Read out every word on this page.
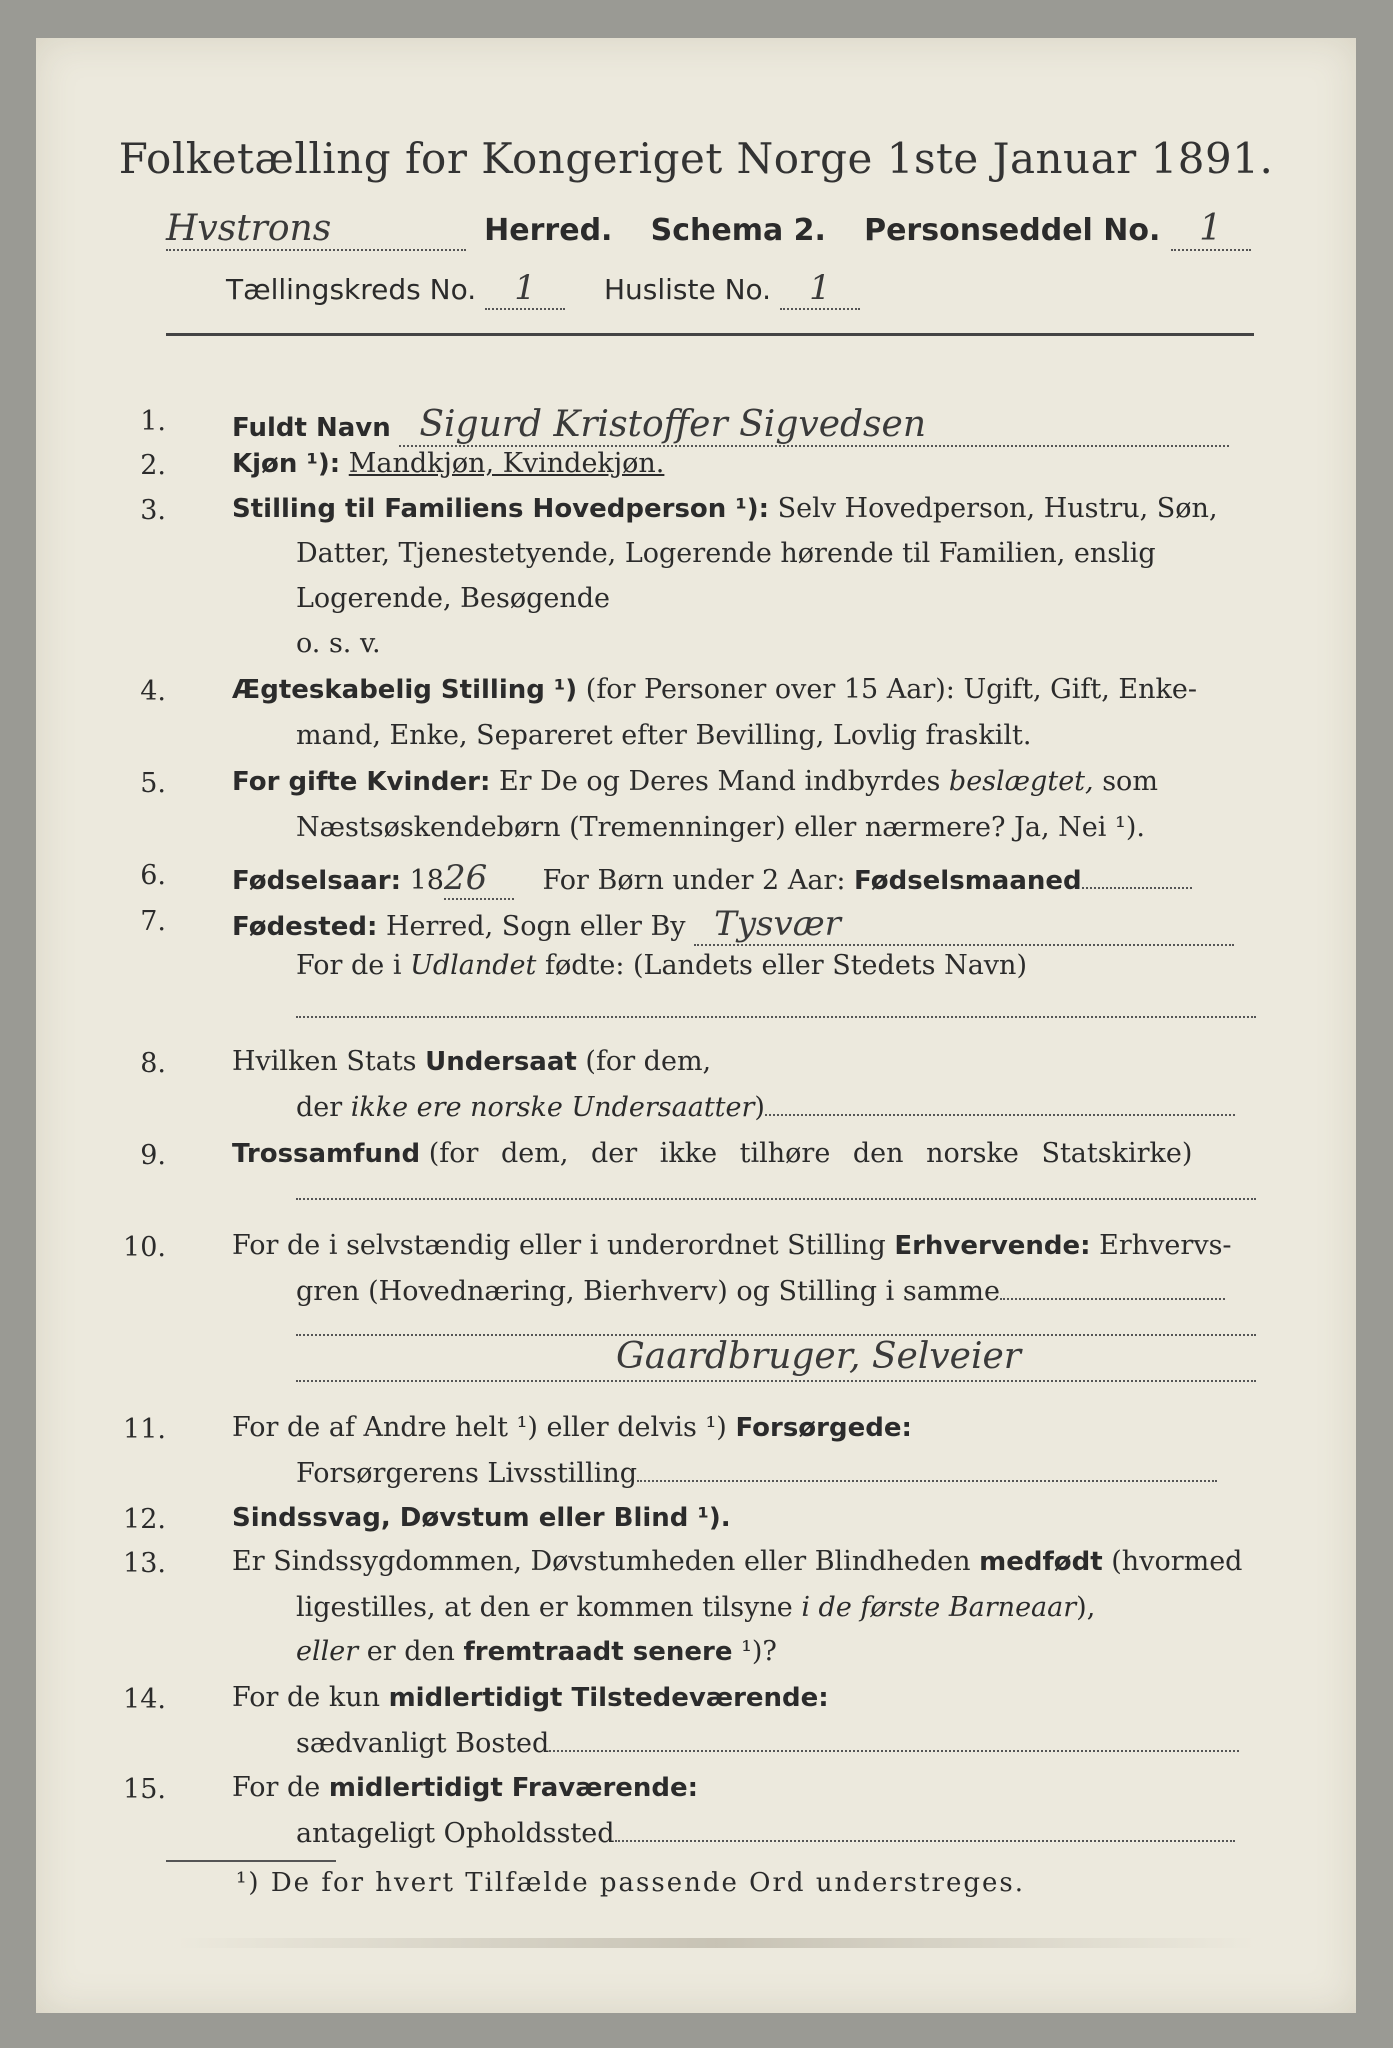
Folketælling for Kongeriget Norge 1ste Januar 1891.
Hvstrons	Herred. Schema 2. Personseddel No. 1
Tællingskreds No. 1 Husliste No. 1
1.	Fuldt Navn Sigurd Kristoffer Sigvedsen
2.	Kjøn ¹): Mandkjøn, Kvindekjøn.
3.	Stilling til Familiens Hovedperson ¹): Selv Hovedperson, Hustru, Søn,
Datter, Tjenestetyende, Logerende hørende til Familien, enslig
Logerende, Besøgende
o. s. v.
4.	Ægteskabelig Stilling ¹) (for Personer over 15 Aar): Ugift, Gift, Enke-
mand, Enke, Separeret efter Bevilling, Lovlig fraskilt.
5.	For gifte Kvinder: Er De og Deres Mand indbyrdes beslægtet, som
Næstsøskendebørn (Tremenninger) eller nærmere? Ja, Nei ¹).
6.	Fødselsaar: 1826 For Børn under 2 Aar: Fødselsmaaned
7.	Fødested: Herred, Sogn eller By Tysvær
For de i Udlandet fødte: (Landets eller Stedets Navn)
8. Hvilken Stats Undersaat (for dem,
der ikke ere norske Undersaatter)
9.	Trossamfund (for dem, der ikke tilhøre den norske Statskirke)
10. For de i selvstændig eller i underordnet Stilling Erhvervende: Erhvervs-
gren (Hovednæring, Bierhverv) og Stilling i samme
Gaardbruger, Selveier
11. For de af Andre helt ¹) eller delvis ¹) Forsørgede:
Forsørgerens Livsstilling
12.	Sindssvag, Døvstum eller Blind ¹).
13. Er Sindssygdommen, Døvstumheden eller Blindheden medfødt (hvormed
ligestilles, at den er kommen tilsyne i de første Barneaar),
eller er den fremtraadt senere ¹)?
14. For de kun midlertidigt Tilstedeværende:
sædvanligt Bosted
15. For de midlertidigt Fraværende:
antageligt Opholdssted
¹) De for hvert Tilfælde passende Ord understreges.
